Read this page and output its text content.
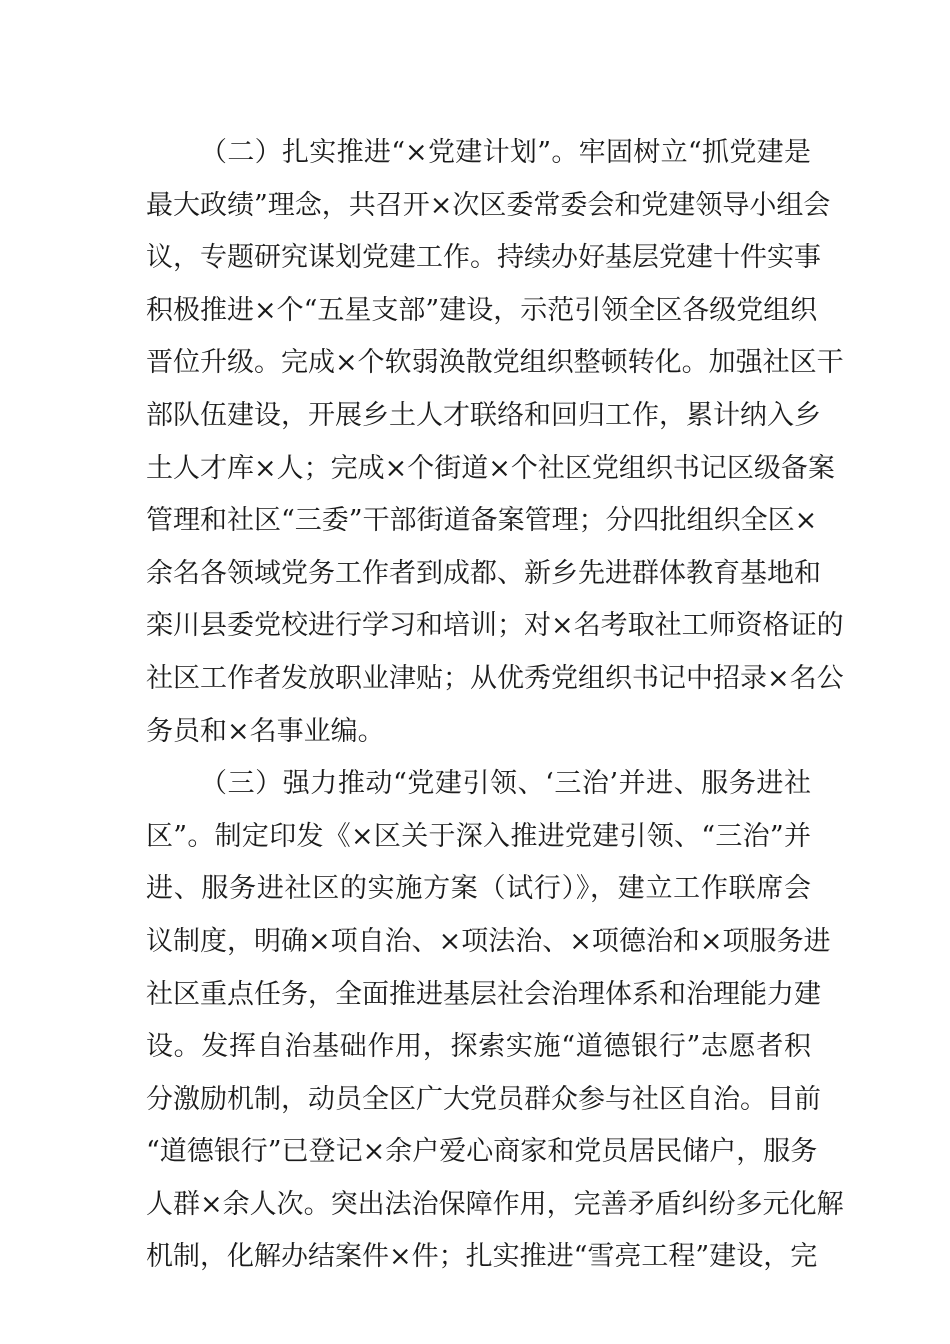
（二）扎实推进“×党建计划”。牢固树立“抓党建是
最大政绩”理念，共召开×次区委常委会和党建领导小组会
议，专题研究谋划党建工作。持续办好基层党建十件实事
积极推进×个“五星支部”建设，示范引领全区各级党组织
晋位升级。完成×个软弱涣散党组织整顿转化。加强社区干
部队伍建设，开展乡土人才联络和回归工作，累计纳入乡
土人才库×人；完成×个街道×个社区党组织书记区级备案
管理和社区“三委”干部街道备案管理；分四批组织全区×
余名各领域党务工作者到成都、新乡先进群体教育基地和
栾川县委党校进行学习和培训；对×名考取社工师资格证的
社区工作者发放职业津贴；从优秀党组织书记中招录×名公
务员和×名事业编。
（三）强力推动“党建引领、‘三治’并进、服务进社
区”。制定印发《×区关于深入推进党建引领、“三治”并
进、服务进社区的实施方案（试行）》，建立工作联席会
议制度，明确×项自治、×项法治、×项德治和×项服务进
社区重点任务，全面推进基层社会治理体系和治理能力建
设。发挥自治基础作用，探索实施“道德银行”志愿者积
分激励机制，动员全区广大党员群众参与社区自治。目前
“道德银行”已登记×余户爱心商家和党员居民储户，服务
人群×余人次。突出法治保障作用，完善矛盾纠纷多元化解
机制，化解办结案件×件；扎实推进“雪亮工程”建设，完
